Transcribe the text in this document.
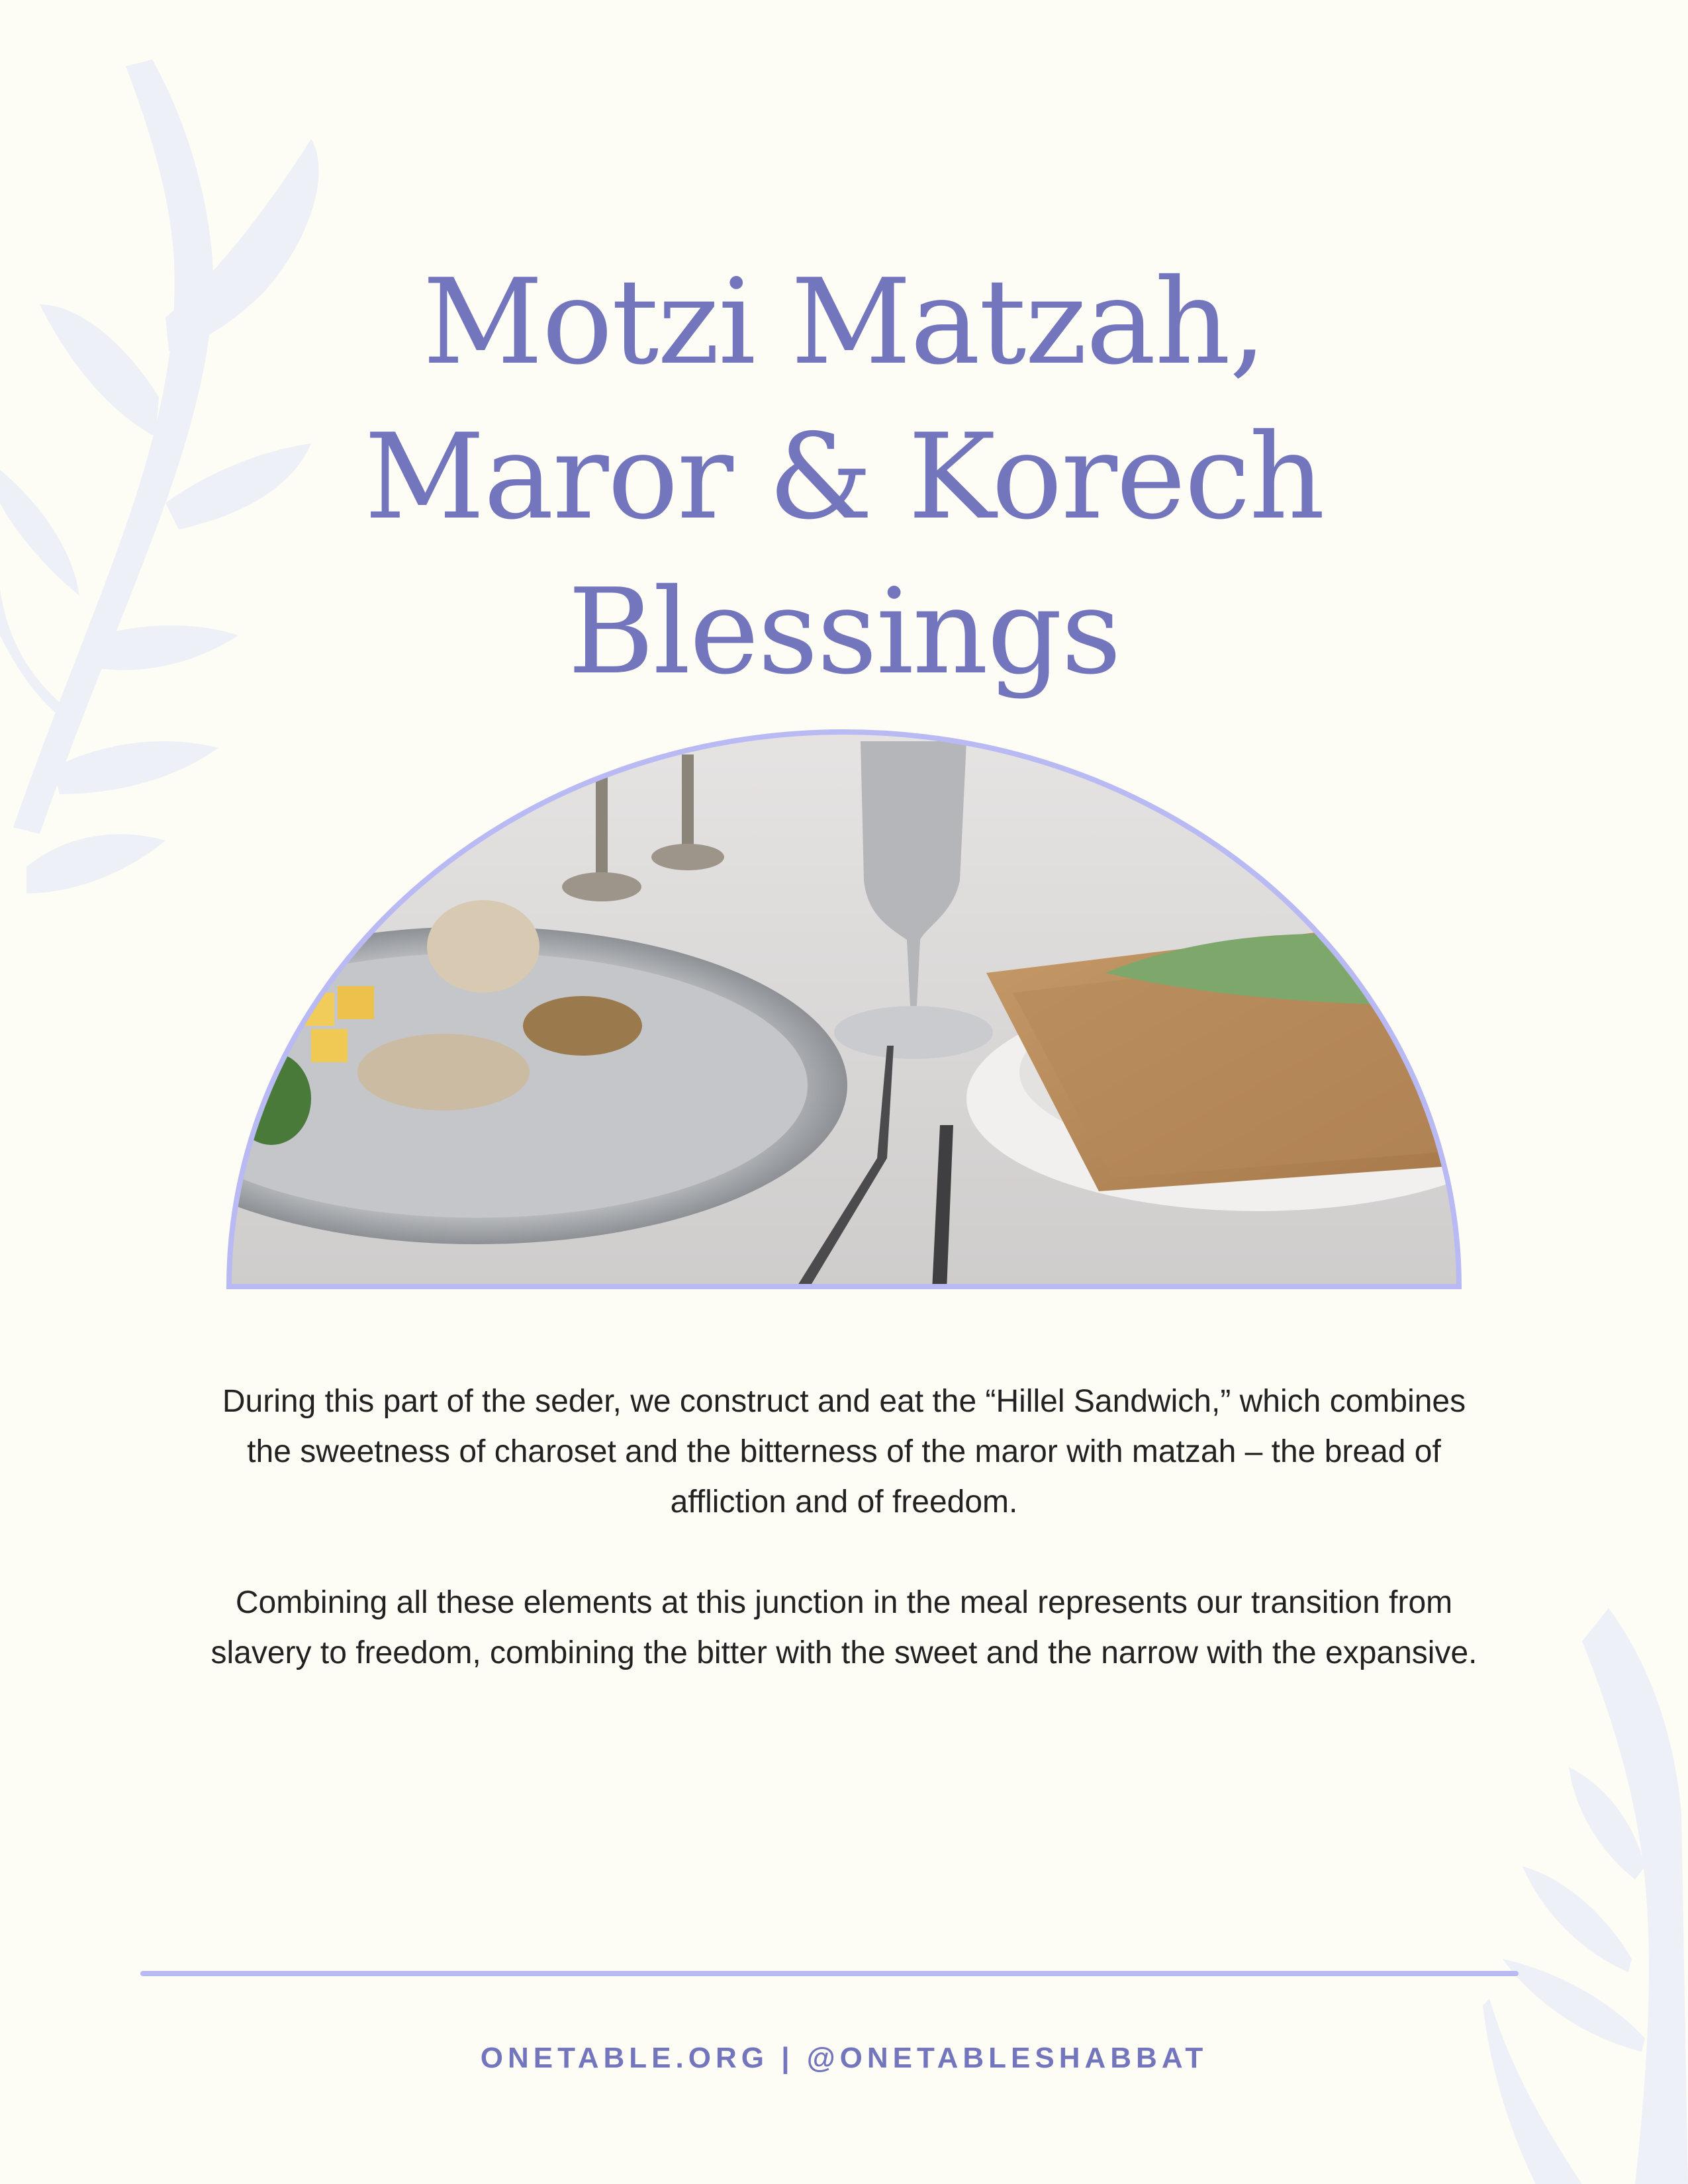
Motzi Matzah,
Maror & Korech
Blessings

During this part of the seder, we construct and eat the “Hillel Sandwich,” which combines the sweetness of charoset and the bitterness of the maror with matzah – the bread of affliction and of freedom.

Combining all these elements at this junction in the meal represents our transition from slavery to freedom, combining the bitter with the sweet and the narrow with the expansive.

ONETABLE.ORG | @ONETABLESHABBAT
